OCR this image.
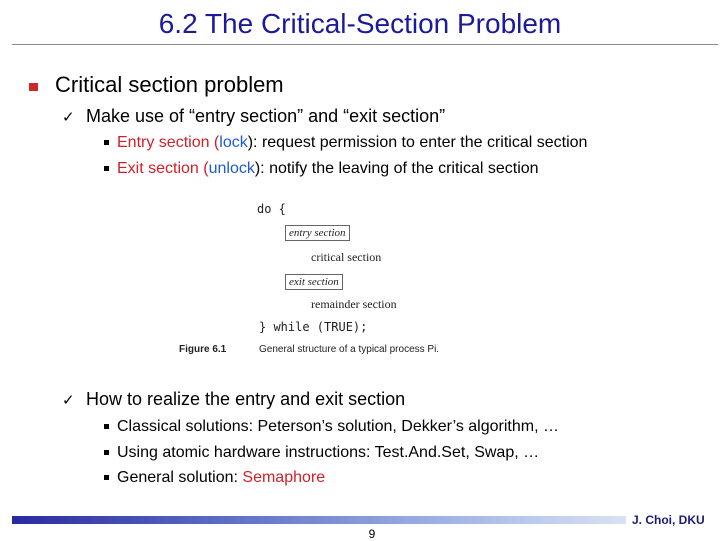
6.2 The Critical-Section Problem
Critical section problem
✓ Make use of “entry section” and “exit section”
Entry section (lock): request permission to enter the critical section
Exit section (unlock): notify the leaving of the critical section
do {
entry section
critical section
exit section
remainder section
} while (TRUE);
Figure 6.1	General structure of a typical process Pi.
✓ How to realize the entry and exit section
Classical solutions: Peterson’s solution, Dekker’s algorithm, …
Using atomic hardware instructions: Test.And.Set, Swap, …
General solution: Semaphore
9
J. Choi, DKU
